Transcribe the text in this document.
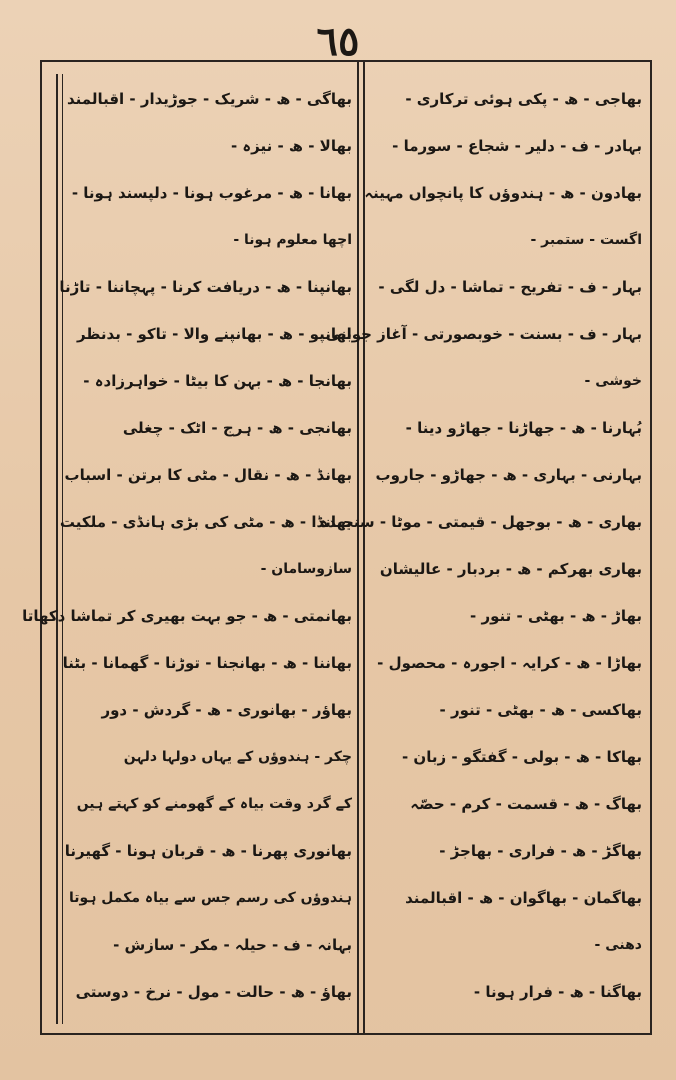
٦٥
بھاجی - ھ - پکی ہوئی ترکاری -
بہادر - ف - دلیر - شجاع - سورما -
بھادون - ھ - ہندوؤں کا پانچواں مہینہ
اگست - ستمبر -
بہار - ف - تفریح - تماشا - دل لگی -
بہار - ف - بسنت - خوبصورتی - آغاز جوانی
خوشی -
بُہارنا - ھ - جھاڑنا - جھاڑو دینا -
بہارنی - بہاری - ھ - جھاڑو - جاروب
بھاری - ھ - بوجھل - قیمتی - موٹا - سنجیدہ
بھاری بھرکم - ھ - بردبار - عالیشان
بھاڑ - ھ - بھٹی - تنور -
بھاڑا - ھ - کرایہ - اجورہ - محصول -
بھاکسی - ھ - بھٹی - تنور -
بھاکا - ھ - بولی - گفتگو - زبان -
بھاگ - ھ - قسمت - کرم - حصّہ
بھاگڑ - ھ - فراری - بھاجڑ -
بھاگمان - بھاگوان - ھ - اقبالمند
دھنی -
بھاگنا - ھ - فرار ہونا -
بھاگی - ھ - شریک - جوڑیدار - اقبالمند
بھالا - ھ - نیزہ -
بھانا - ھ - مرغوب ہونا - دلپسند ہونا -
اچھا معلوم ہونا -
بھانپنا - ھ - دریافت کرنا - پہچاننا - تاڑنا
بھانپو - ھ - بھانپنے والا - تاکو - بدنظر
بھانجا - ھ - بہن کا بیٹا - خواہرزادہ -
بھانجی - ھ - ہرج - اٹک - چغلی
بھانڈ - ھ - نقال - مٹی کا برتن - اسباب
بھانڈا - ھ - مٹی کی بڑی ہانڈی - ملکیت
سازوسامان -
بھانمتی - ھ - جو بہت بھیری کر تماشا دکھاتا
بھاننا - ھ - بھانجنا - توڑنا - گھمانا - بٹنا
بھاؤر - بھانوری - ھ - گردش - دور
چکر - ہندوؤں کے یہاں دولہا دلہن
کے گرد وقت بیاہ کے گھومنے کو کہتے ہیں
بھانوری پھرنا - ھ - قربان ہونا - گھیرنا
ہندوؤں کی رسم جس سے بیاہ مکمل ہوتا
بہانہ - ف - حیلہ - مکر - سازش -
بھاؤ - ھ - حالت - مول - نرخ - دوستی
